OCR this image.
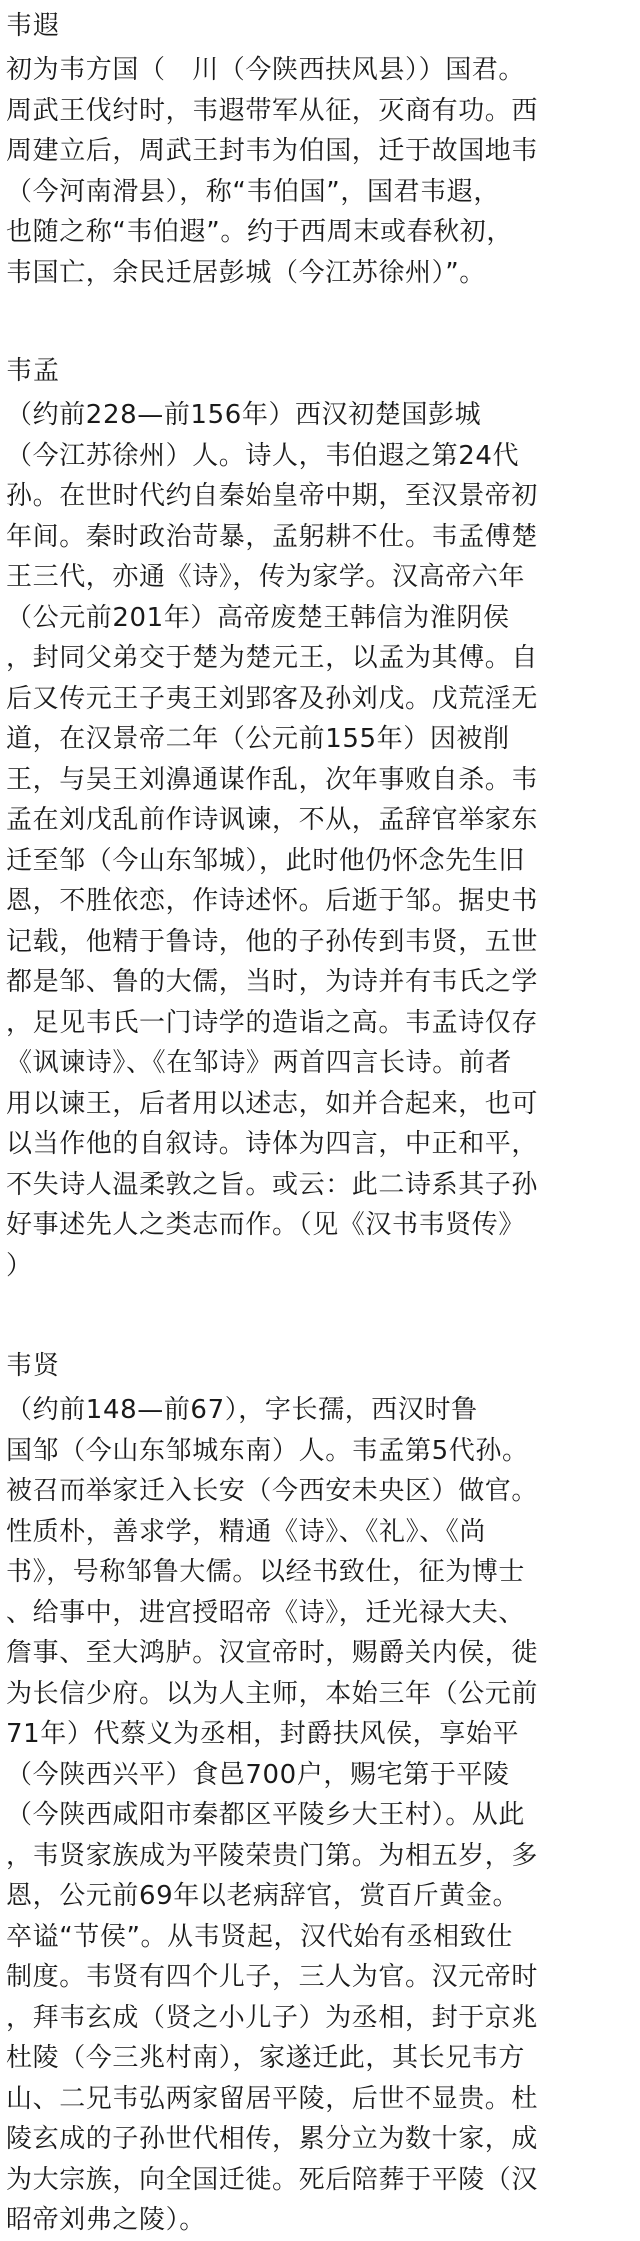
韦遐
初为韦方国（　川（今陕西扶风县））国君。
周武王伐纣时，韦遐带军从征，灭商有功。西
周建立后，周武王封韦为伯国，迁于故国地韦
（今河南滑县），称“韦伯国”，国君韦遐，
也随之称“韦伯遐”。约于西周末或春秋初，
韦国亡，余民迁居彭城（今江苏徐州）”。
韦孟
（约前228—前156年）西汉初楚国彭城
（今江苏徐州）人。诗人，韦伯遐之第24代
孙。在世时代约自秦始皇帝中期，至汉景帝初
年间。秦时政治苛暴，孟躬耕不仕。韦孟傅楚
王三代，亦通《诗》，传为家学。汉高帝六年
（公元前201年）高帝废楚王韩信为淮阴侯
，封同父弟交于楚为楚元王，以孟为其傅。自
后又传元王子夷王刘郢客及孙刘戊。戊荒淫无
道，在汉景帝二年（公元前155年）因被削
王，与吴王刘濞通谋作乱，次年事败自杀。韦
孟在刘戊乱前作诗讽谏，不从，孟辞官举家东
迁至邹（今山东邹城），此时他仍怀念先生旧
恩，不胜依恋，作诗述怀。后逝于邹。据史书
记载，他精于鲁诗，他的子孙传到韦贤，五世
都是邹、鲁的大儒，当时，为诗并有韦氏之学
，足见韦氏一门诗学的造诣之高。韦孟诗仅存
《讽谏诗》、《在邹诗》两首四言长诗。前者
用以谏王，后者用以述志，如并合起来，也可
以当作他的自叙诗。诗体为四言，中正和平，
不失诗人温柔敦之旨。或云：此二诗系其子孙
好事述先人之类志而作。（见《汉书韦贤传》
）
韦贤
（约前148—前67），字长孺，西汉时鲁
国邹（今山东邹城东南）人。韦孟第5代孙。
被召而举家迁入长安（今西安未央区）做官。
性质朴，善求学，精通《诗》、《礼》、《尚
书》，号称邹鲁大儒。以经书致仕，征为博士
、给事中，进宫授昭帝《诗》，迁光禄大夫、
詹事、至大鸿胪。汉宣帝时，赐爵关内侯，徙
为长信少府。以为人主师，本始三年（公元前
71年）代蔡义为丞相，封爵扶风侯，享始平
（今陕西兴平）食邑700户，赐宅第于平陵
（今陕西咸阳市秦都区平陵乡大王村）。从此
，韦贤家族成为平陵荣贵门第。为相五岁，多
恩，公元前69年以老病辞官，赏百斤黄金。
卒谥“节侯”。从韦贤起，汉代始有丞相致仕
制度。韦贤有四个儿子，三人为官。汉元帝时
，拜韦玄成（贤之小儿子）为丞相，封于京兆
杜陵（今三兆村南），家遂迁此，其长兄韦方
山、二兄韦弘两家留居平陵，后世不显贵。杜
陵玄成的子孙世代相传，累分立为数十家，成
为大宗族，向全国迁徙。死后陪葬于平陵（汉
昭帝刘弗之陵）。
